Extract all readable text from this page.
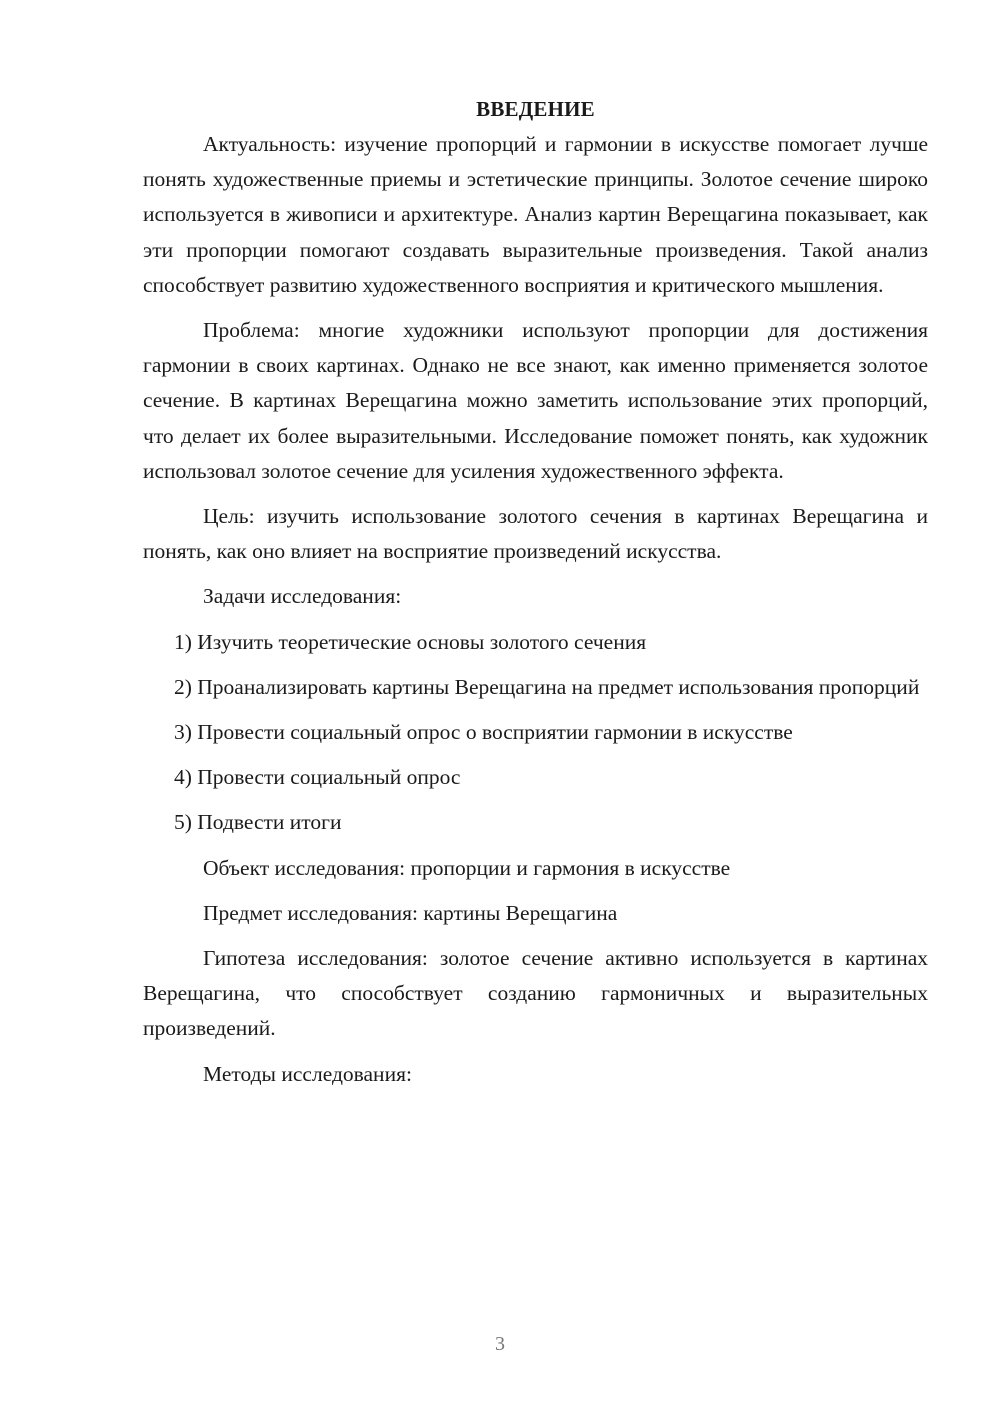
ВВЕДЕНИЕ

Актуальность: изучение пропорций и гармонии в искусстве помогает лучше понять художественные приемы и эстетические принципы. Золотое сечение широко используется в живописи и архитектуре. Анализ картин Верещагина показывает, как эти пропорции помогают создавать выразительные произведения. Такой анализ способствует развитию художественного восприятия и критического мышления.

Проблема: многие художники используют пропорции для достижения гармонии в своих картинах. Однако не все знают, как именно применяется золотое сечение. В картинах Верещагина можно заметить использование этих пропорций, что делает их более выразительными. Исследование поможет понять, как художник использовал золотое сечение для усиления художественного эффекта.

Цель: изучить использование золотого сечения в картинах Верещагина и понять, как оно влияет на восприятие произведений искусства.

Задачи исследования:

1) Изучить теоретические основы золотого сечения

2) Проанализировать картины Верещагина на предмет использования пропорций

3) Провести социальный опрос о восприятии гармонии в искусстве

4) Провести социальный опрос

5) Подвести итоги

Объект исследования: пропорции и гармония в искусстве

Предмет исследования: картины Верещагина

Гипотеза исследования: золотое сечение активно используется в картинах Верещагина, что способствует созданию гармоничных и выразительных произведений.

Методы исследования:

3
